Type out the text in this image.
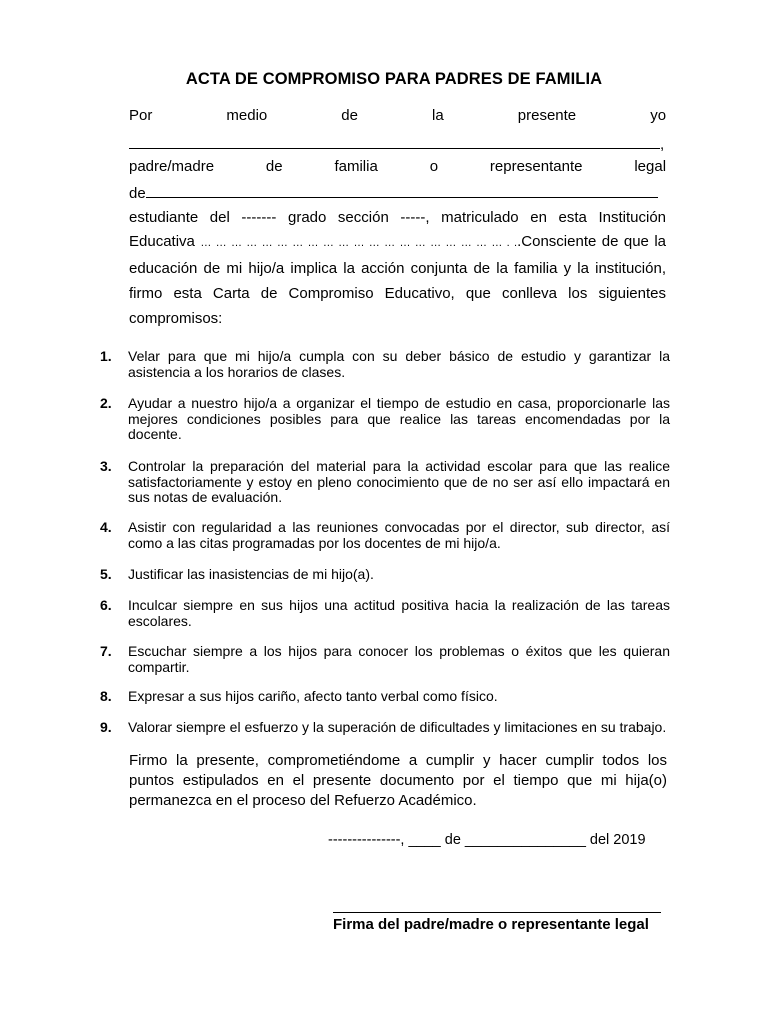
ACTA DE COMPROMISO PARA PADRES DE FAMILIA
Por	medio	de	la	presente	yo
,
padre/madre	de	familia	o	representante	legal
de
estudiante del ------- grado sección -----, matriculado en esta Institución
Educativa … … … … … … … … … … … … … … … … … … … … . ..Consciente de que la
educación de mi hijo/a implica la acción conjunta de la familia y la institución,
firmo esta Carta de Compromiso Educativo, que conlleva los siguientes
compromisos:
1.	Velar para que mi hijo/a cumpla con su deber básico de estudio y garantizar la asistencia a los horarios de clases.
2.	Ayudar a nuestro hijo/a a organizar el tiempo de estudio en casa, proporcionarle las mejores condiciones posibles para que realice las tareas encomendadas por la docente.
3.	Controlar la preparación del material para la actividad escolar para que las realice satisfactoriamente y estoy en pleno conocimiento que de no ser así ello impactará en sus notas de evaluación.
4.	Asistir con regularidad a las reuniones convocadas por el director, sub director, así como a las citas programadas por los docentes de mi hijo/a.
5.	Justificar las inasistencias de mi hijo(a).
6.	Inculcar siempre en sus hijos una actitud positiva hacia la realización de las tareas escolares.
7.	Escuchar siempre a los hijos para conocer los problemas o éxitos que les quieran compartir.
8.	Expresar a sus hijos cariño, afecto tanto verbal como físico.
9.	Valorar siempre el esfuerzo y la superación de dificultades y limitaciones en su trabajo.
Firmo la presente, comprometiéndome a cumplir y hacer cumplir todos los puntos estipulados en el presente documento por el tiempo que mi hija(o) permanezca en el proceso del Refuerzo Académico.
---------------, ____ de _______________ del 2019
Firma del padre/madre o representante legal
